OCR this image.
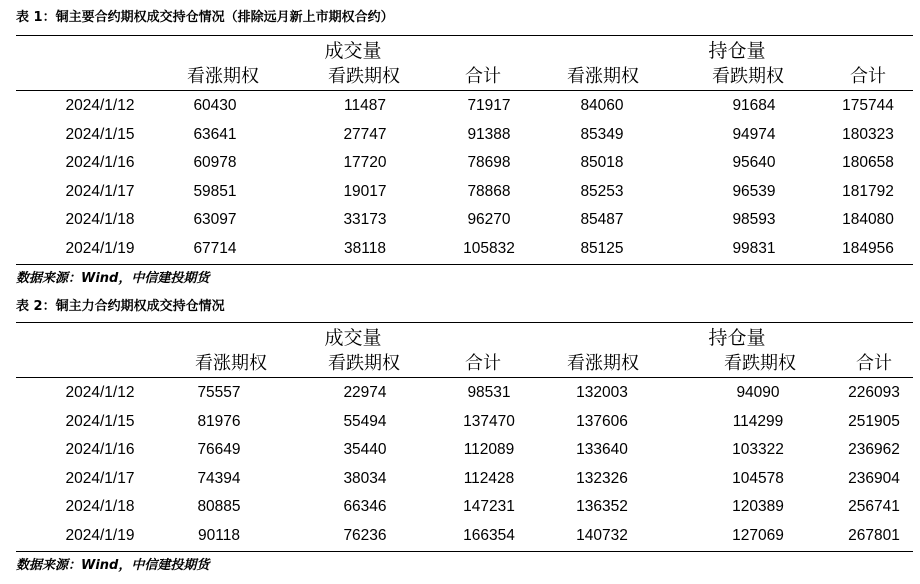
表 1：铜主要合约期权成交持仓情况（排除远月新上市期权合约）
成交量	持仓量
看涨期权	看跌期权	合计	看涨期权	看跌期权	合计
2024/1/12	60430	11487	71917	84060	91684	175744
2024/1/15	63641	27747	91388	85349	94974	180323
2024/1/16	60978	17720	78698	85018	95640	180658
2024/1/17	59851	19017	78868	85253	96539	181792
2024/1/18	63097	33173	96270	85487	98593	184080
2024/1/19	67714	38118	105832	85125	99831	184956
数据来源：Wind，中信建投期货
表 2：铜主力合约期权成交持仓情况
成交量	持仓量
看涨期权	看跌期权	合计	看涨期权	看跌期权	合计
2024/1/12	75557	22974	98531	132003	94090	226093
2024/1/15	81976	55494	137470	137606	114299	251905
2024/1/16	76649	35440	112089	133640	103322	236962
2024/1/17	74394	38034	112428	132326	104578	236904
2024/1/18	80885	66346	147231	136352	120389	256741
2024/1/19	90118	76236	166354	140732	127069	267801
数据来源：Wind，中信建投期货
